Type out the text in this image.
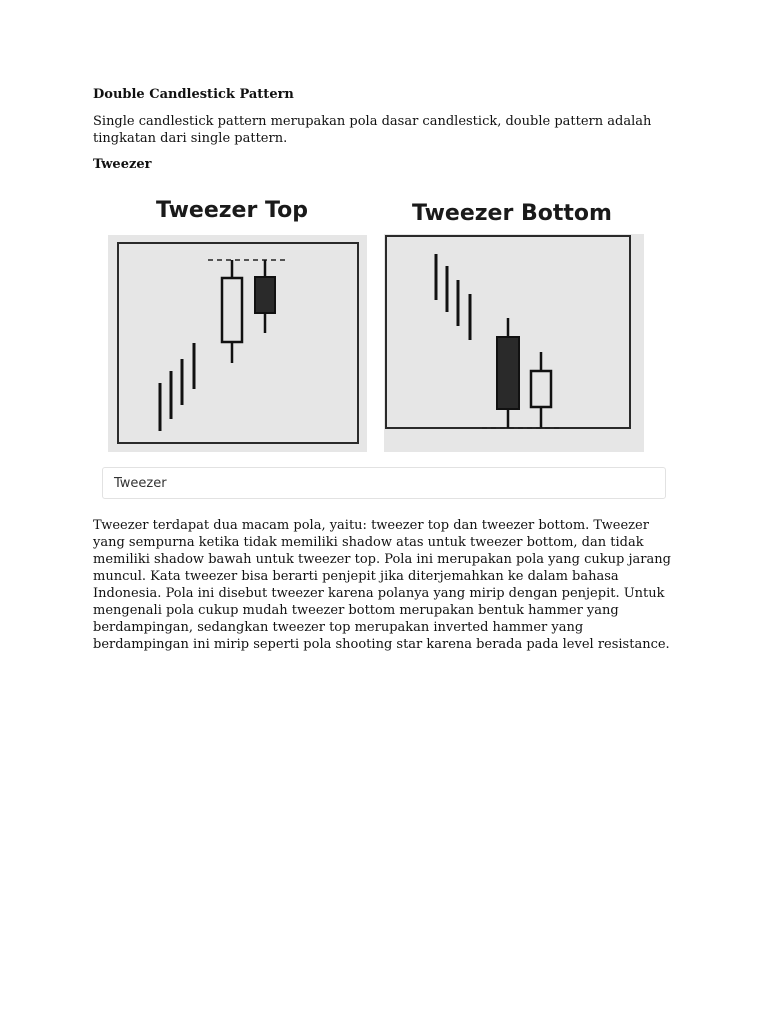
Double Candlestick Pattern

Single candlestick pattern merupakan pola dasar candlestick, double pattern adalah tingkatan dari single pattern.

Tweezer

Tweezer Top	Tweezer Bottom
Tweezer

Tweezer terdapat dua macam pola, yaitu: tweezer top dan tweezer bottom. Tweezer yang sempurna ketika tidak memiliki shadow atas untuk tweezer bottom, dan tidak memiliki shadow bawah untuk tweezer top. Pola ini merupakan pola yang cukup jarang muncul. Kata tweezer bisa berarti penjepit jika diterjemahkan ke dalam bahasa Indonesia. Pola ini disebut tweezer karena polanya yang mirip dengan penjepit. Untuk mengenali pola cukup mudah tweezer bottom merupakan bentuk hammer yang berdampingan, sedangkan tweezer top merupakan inverted hammer yang berdampingan ini mirip seperti pola shooting star karena berada pada level resistance.
